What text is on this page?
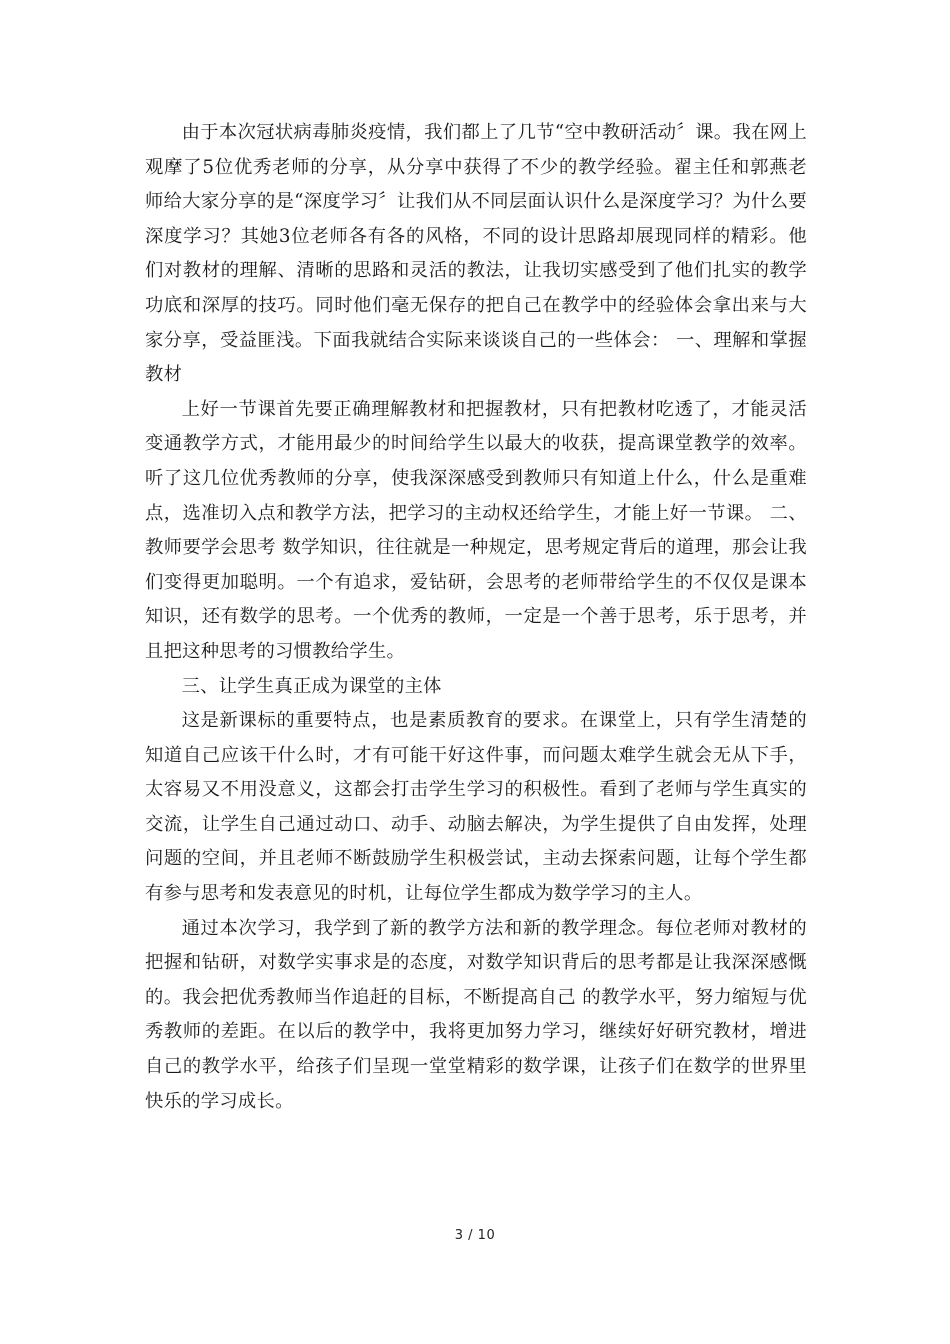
由于本次冠状病毒肺炎疫情，我们都上了几节“空中教研活动〞课。我在网上观摩了5位优秀老师的分享，从分享中获得了不少的教学经验。翟主任和郭燕老师给大家分享的是“深度学习〞让我们从不同层面认识什么是深度学习？为什么要深度学习？其她3位老师各有各的风格，不同的设计思路却展现同样的精彩。他们对教材的理解、清晰的思路和灵活的教法，让我切实感受到了他们扎实的教学功底和深厚的技巧。同时他们毫无保存的把自己在教学中的经验体会拿出来与大家分享，受益匪浅。下面我就结合实际来谈谈自己的一些体会： 一、理解和掌握教材

上好一节课首先要正确理解教材和把握教材，只有把教材吃透了，才能灵活变通教学方式，才能用最少的时间给学生以最大的收获，提高课堂教学的效率。听了这几位优秀教师的分享，使我深深感受到教师只有知道上什么，什么是重难点，选准切入点和教学方法，把学习的主动权还给学生，才能上好一节课。 二、教师要学会思考 数学知识，往往就是一种规定，思考规定背后的道理，那会让我们变得更加聪明。一个有追求，爱钻研，会思考的老师带给学生的不仅仅是课本知识，还有数学的思考。一个优秀的教师，一定是一个善于思考，乐于思考，并且把这种思考的习惯教给学生。

三、让学生真正成为课堂的主体

这是新课标的重要特点，也是素质教育的要求。在课堂上，只有学生清楚的知道自己应该干什么时，才有可能干好这件事，而问题太难学生就会无从下手，太容易又不用没意义，这都会打击学生学习的积极性。看到了老师与学生真实的交流，让学生自己通过动口、动手、动脑去解决，为学生提供了自由发挥，处理问题的空间，并且老师不断鼓励学生积极尝试，主动去探索问题，让每个学生都有参与思考和发表意见的时机，让每位学生都成为数学学习的主人。

通过本次学习，我学到了新的教学方法和新的教学理念。每位老师对教材的把握和钻研，对数学实事求是的态度，对数学知识背后的思考都是让我深深感慨的。我会把优秀教师当作追赶的目标，不断提高自己 的教学水平，努力缩短与优秀教师的差距。在以后的教学中，我将更加努力学习，继续好好研究教材，增进自己的教学水平，给孩子们呈现一堂堂精彩的数学课，让孩子们在数学的世界里快乐的学习成长。

3 / 10
